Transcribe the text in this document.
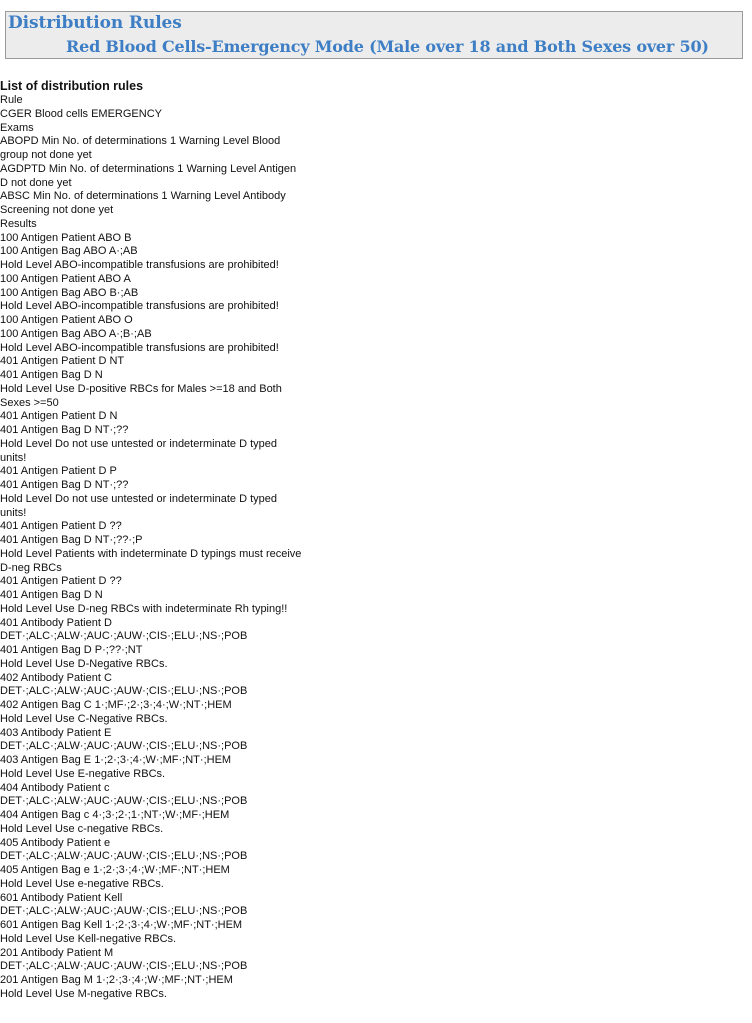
Distribution Rules
Red Blood Cells-Emergency Mode (Male over 18 and Both Sexes over 50)
List of distribution rules
Rule
CGER Blood cells EMERGENCY
Exams
ABOPD Min No. of determinations 1 Warning Level Blood
group not done yet
AGDPTD Min No. of determinations 1 Warning Level Antigen
D not done yet
ABSC Min No. of determinations 1 Warning Level Antibody
Screening not done yet
Results
100 Antigen Patient ABO B
100 Antigen Bag ABO A·;AB
Hold Level ABO-incompatible transfusions are prohibited!
100 Antigen Patient ABO A
100 Antigen Bag ABO B·;AB
Hold Level ABO-incompatible transfusions are prohibited!
100 Antigen Patient ABO O
100 Antigen Bag ABO A·;B·;AB
Hold Level ABO-incompatible transfusions are prohibited!
401 Antigen Patient D NT
401 Antigen Bag D N
Hold Level Use D-positive RBCs for Males >=18 and Both
Sexes >=50
401 Antigen Patient D N
401 Antigen Bag D NT·;??
Hold Level Do not use untested or indeterminate D typed
units!
401 Antigen Patient D P
401 Antigen Bag D NT·;??
Hold Level Do not use untested or indeterminate D typed
units!
401 Antigen Patient D ??
401 Antigen Bag D NT·;??·;P
Hold Level Patients with indeterminate D typings must receive
D-neg RBCs
401 Antigen Patient D ??
401 Antigen Bag D N
Hold Level Use D-neg RBCs with indeterminate Rh typing!!
401 Antibody Patient D
DET·;ALC·;ALW·;AUC·;AUW·;CIS·;ELU·;NS·;POB
401 Antigen Bag D P·;??·;NT
Hold Level Use D-Negative RBCs.
402 Antibody Patient C
DET·;ALC·;ALW·;AUC·;AUW·;CIS·;ELU·;NS·;POB
402 Antigen Bag C 1·;MF·;2·;3·;4·;W·;NT·;HEM
Hold Level Use C-Negative RBCs.
403 Antibody Patient E
DET·;ALC·;ALW·;AUC·;AUW·;CIS·;ELU·;NS·;POB
403 Antigen Bag E 1·;2·;3·;4·;W·;MF·;NT·;HEM
Hold Level Use E-negative RBCs.
404 Antibody Patient c
DET·;ALC·;ALW·;AUC·;AUW·;CIS·;ELU·;NS·;POB
404 Antigen Bag c 4·;3·;2·;1·;NT·;W·;MF·;HEM
Hold Level Use c-negative RBCs.
405 Antibody Patient e
DET·;ALC·;ALW·;AUC·;AUW·;CIS·;ELU·;NS·;POB
405 Antigen Bag e 1·;2·;3·;4·;W·;MF·;NT·;HEM
Hold Level Use e-negative RBCs.
601 Antibody Patient Kell
DET·;ALC·;ALW·;AUC·;AUW·;CIS·;ELU·;NS·;POB
601 Antigen Bag Kell 1·;2·;3·;4·;W·;MF·;NT·;HEM
Hold Level Use Kell-negative RBCs.
201 Antibody Patient M
DET·;ALC·;ALW·;AUC·;AUW·;CIS·;ELU·;NS·;POB
201 Antigen Bag M 1·;2·;3·;4·;W·;MF·;NT·;HEM
Hold Level Use M-negative RBCs.
